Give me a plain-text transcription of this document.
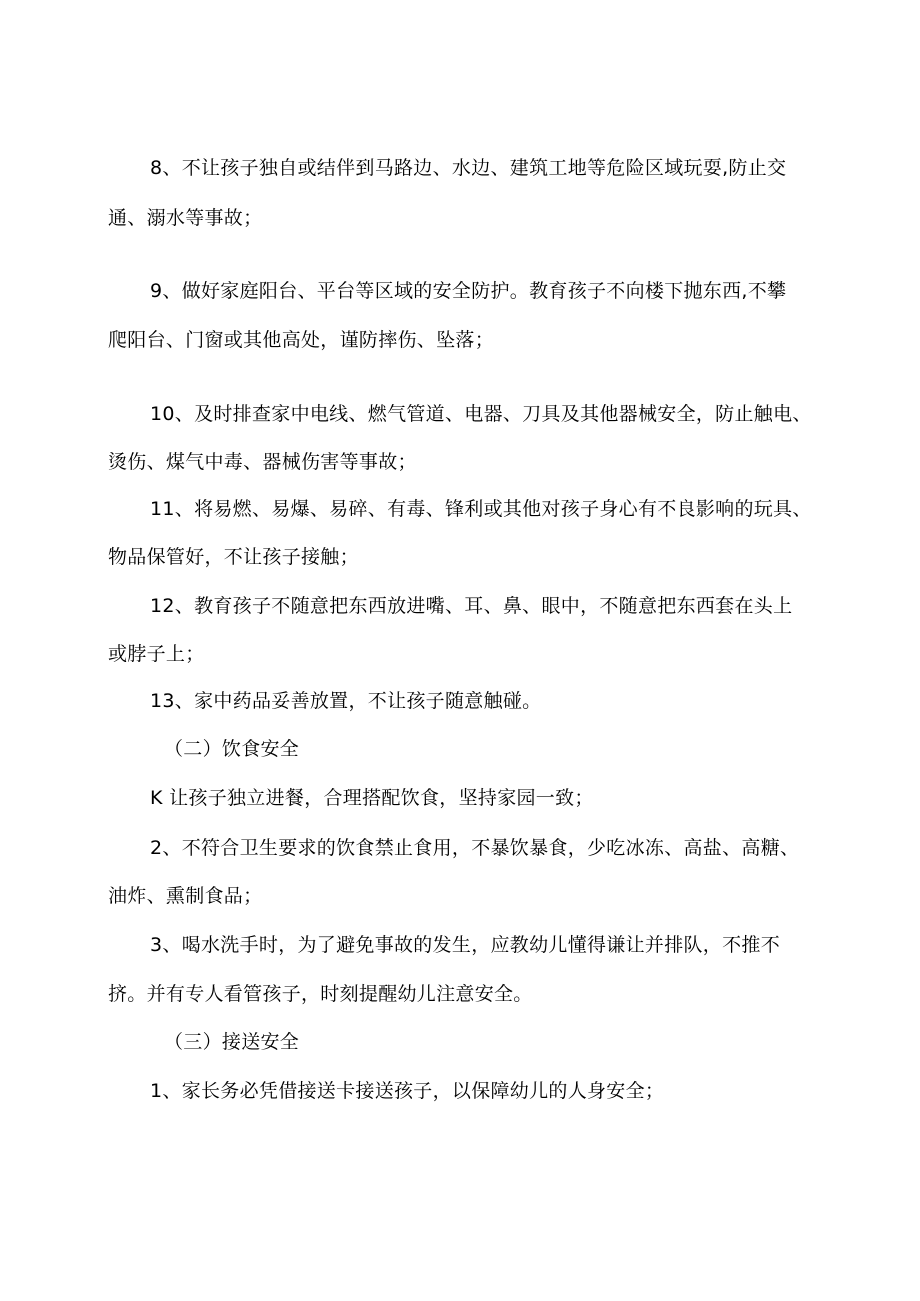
8、不让孩子独自或结伴到马路边、水边、建筑工地等危险区域玩耍,防止交
通、溺水等事故；
9、做好家庭阳台、平台等区域的安全防护。教育孩子不向楼下抛东西,不攀
爬阳台、门窗或其他高处，谨防摔伤、坠落；
10、及时排查家中电线、燃气管道、电器、刀具及其他器械安全，防止触电、
烫伤、煤气中毒、器械伤害等事故；
11、将易燃、易爆、易碎、有毒、锋利或其他对孩子身心有不良影响的玩具、
物品保管好，不让孩子接触；
12、教育孩子不随意把东西放进嘴、耳、鼻、眼中，不随意把东西套在头上
或脖子上；
13、家中药品妥善放置，不让孩子随意触碰。
（二）饮食安全
K 让孩子独立进餐，合理搭配饮食，坚持家园一致；
2、不符合卫生要求的饮食禁止食用，不暴饮暴食，少吃冰冻、高盐、高糖、
油炸、熏制食品；
3、喝水洗手时，为了避免事故的发生，应教幼儿懂得谦让并排队，不推不
挤。并有专人看管孩子，时刻提醒幼儿注意安全。
（三）接送安全
1、家长务必凭借接送卡接送孩子，以保障幼儿的人身安全；
